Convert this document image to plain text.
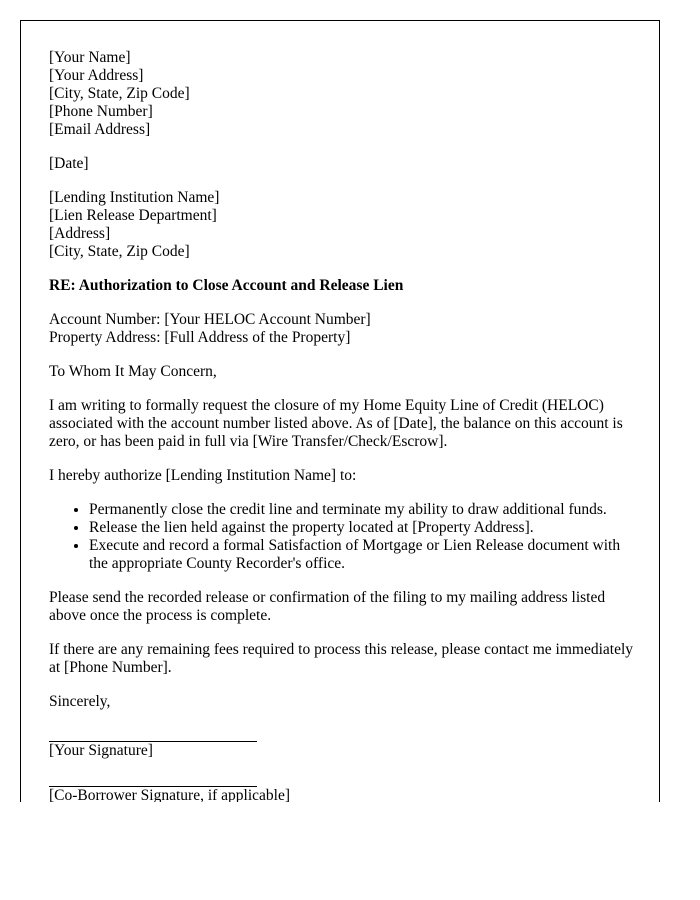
[Your Name]
[Your Address]
[City, State, Zip Code]
[Phone Number]
[Email Address]
[Date]
[Lending Institution Name]
[Lien Release Department]
[Address]
[City, State, Zip Code]
RE: Authorization to Close Account and Release Lien
Account Number: [Your HELOC Account Number]
Property Address: [Full Address of the Property]

To Whom It May Concern,

I am writing to formally request the closure of my Home Equity Line of Credit (HELOC) associated with the account number listed above. As of [Date], the balance on this account is zero, or has been paid in full via [Wire Transfer/Check/Escrow].

I hereby authorize [Lending Institution Name] to:

• Permanently close the credit line and terminate my ability to draw additional funds.
• Release the lien held against the property located at [Property Address].
• Execute and record a formal Satisfaction of Mortgage or Lien Release document with the appropriate County Recorder's office.

Please send the recorded release or confirmation of the filing to my mailing address listed above once the process is complete.

If there are any remaining fees required to process this release, please contact me immediately at [Phone Number].

Sincerely,

[Your Signature]
[Co-Borrower Signature, if applicable]
